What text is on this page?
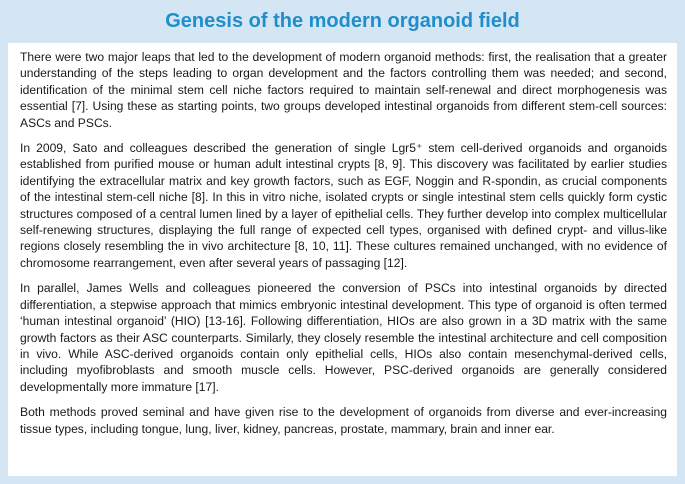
Genesis of the modern organoid field

There were two major leaps that led to the development of modern organoid methods: first, the realisation that a greater understanding of the steps leading to organ development and the factors controlling them was needed; and second, identification of the minimal stem cell niche factors required to maintain self-renewal and direct morphogenesis was essential [7]. Using these as starting points, two groups developed intestinal organoids from different stem-cell sources: ASCs and PSCs.

In 2009, Sato and colleagues described the generation of single Lgr5⁺ stem cell-derived organoids and organoids established from purified mouse or human adult intestinal crypts [8, 9]. This discovery was facilitated by earlier studies identifying the extracellular matrix and key growth factors, such as EGF, Noggin and R-spondin, as crucial components of the intestinal stem-cell niche [8]. In this in vitro niche, isolated crypts or single intestinal stem cells quickly form cystic structures composed of a central lumen lined by a layer of epithelial cells. They further develop into complex multicellular self-renewing structures, displaying the full range of expected cell types, organised with defined crypt- and villus-like regions closely resembling the in vivo architecture [8, 10, 11]. These cultures remained unchanged, with no evidence of chromosome rearrangement, even after several years of passaging [12].

In parallel, James Wells and colleagues pioneered the conversion of PSCs into intestinal organoids by directed differentiation, a stepwise approach that mimics embryonic intestinal development. This type of organoid is often termed ‘human intestinal organoid’ (HIO) [13-16]. Following differentiation, HIOs are also grown in a 3D matrix with the same growth factors as their ASC counterparts. Similarly, they closely resemble the intestinal architecture and cell composition in vivo. While ASC-derived organoids contain only epithelial cells, HIOs also contain mesenchymal-derived cells, including myofibroblasts and smooth muscle cells. However, PSC-derived organoids are generally considered developmentally more immature [17].

Both methods proved seminal and have given rise to the development of organoids from diverse and ever-increasing tissue types, including tongue, lung, liver, kidney, pancreas, prostate, mammary, brain and inner ear.
